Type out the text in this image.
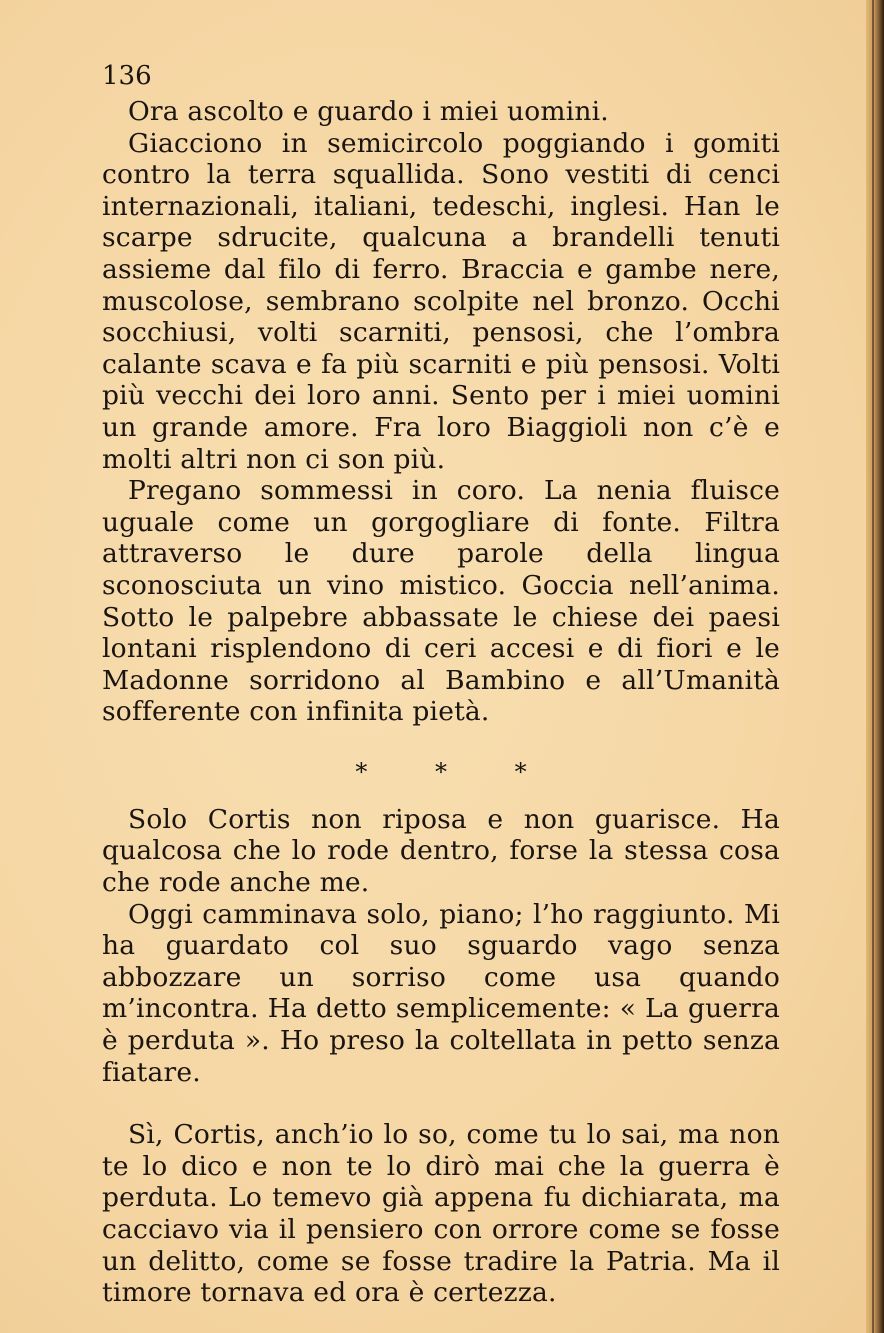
136

Ora ascolto e guardo i miei uomini.

Giacciono in semicircolo poggiando i gomiti contro la terra squallida. Sono vestiti di cenci internazionali, italiani, tedeschi, inglesi. Han le scarpe sdrucite, qualcuna a brandelli tenuti assieme dal filo di ferro. Braccia e gambe nere, muscolose, sembrano scolpite nel bronzo. Occhi socchiusi, volti scarniti, pensosi, che l’ombra calante scava e fa più scarniti e più pensosi. Volti più vecchi dei loro anni. Sento per i miei uomini un grande amore. Fra loro Biaggioli non c’è e molti altri non ci son più.

Pregano sommessi in coro. La nenia fluisce uguale come un gorgogliare di fonte. Filtra attraverso le dure parole della lingua sconosciuta un vino mistico. Goccia nell’anima. Sotto le palpebre abbassate le chiese dei paesi lontani risplendono di ceri accesi e di fiori e le Madonne sorridono al Bambino e all’Umanità sofferente con infinita pietà.

* * *

Solo Cortis non riposa e non guarisce. Ha qualcosa che lo rode dentro, forse la stessa cosa che rode anche me.

Oggi camminava solo, piano; l’ho raggiunto. Mi ha guardato col suo sguardo vago senza abbozzare un sorriso come usa quando m’incontra. Ha detto semplicemente: « La guerra è perduta ». Ho preso la coltellata in petto senza fiatare.

Sì, Cortis, anch’io lo so, come tu lo sai, ma non te lo dico e non te lo dirò mai che la guerra è perduta. Lo temevo già appena fu dichiarata, ma cacciavo via il pensiero con orrore come se fosse un delitto, come se fosse tradire la Patria. Ma il timore tornava ed ora è certezza.
